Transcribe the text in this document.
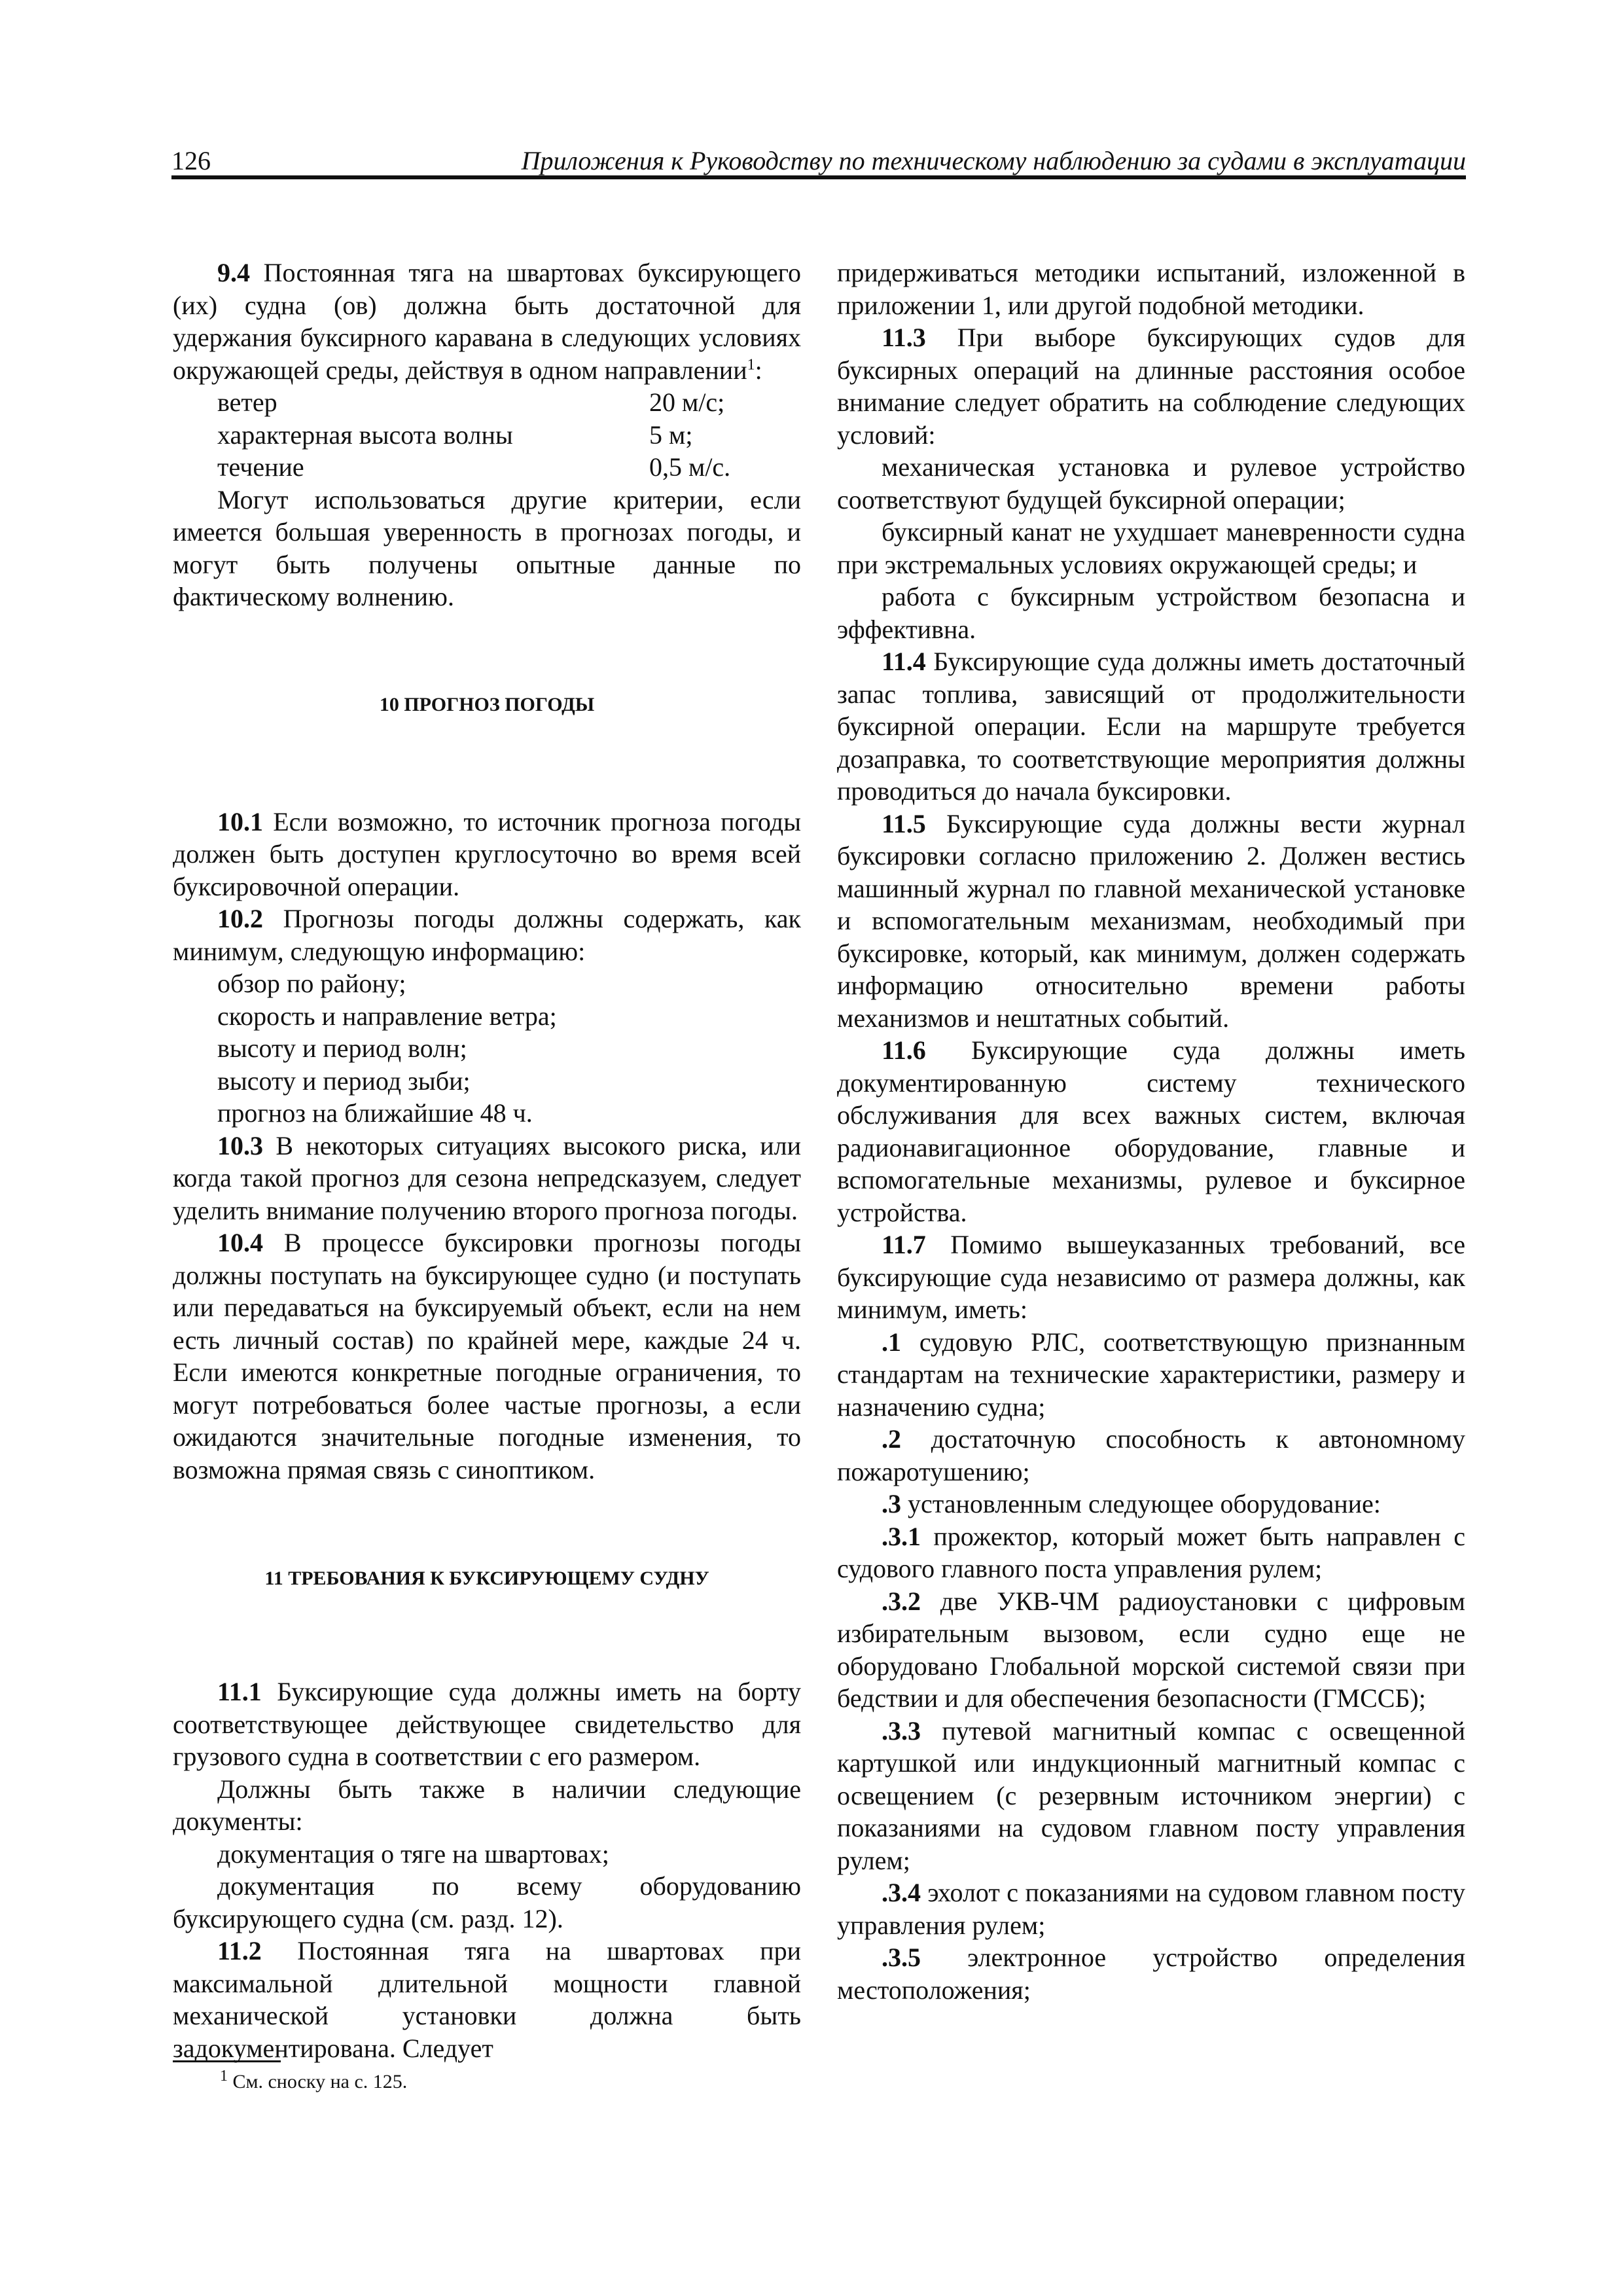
126	Приложения к Руководству по техническому наблюдению за судами в эксплуатации

9.4 Постоянная тяга на швартовах буксирующего (их) судна (ов) должна быть достаточной для удержания буксирного каравана в следующих условиях окружающей среды, действуя в одном направлении$^1$:

ветер	20 м/с;
характерная высота волны	5 м;
течение	0,5 м/с.

Могут использоваться другие критерии, если имеется большая уверенность в прогнозах погоды, и могут быть получены опытные данные по фактическому волнению.

10 ПРОГНОЗ ПОГОДЫ

10.1 Если возможно, то источник прогноза погоды должен быть доступен круглосуточно во время всей буксировочной операции.

10.2 Прогнозы погоды должны содержать, как минимум, следующую информацию:

обзор по району;

скорость и направление ветра;

высоту и период волн;

высоту и период зыби;

прогноз на ближайшие 48 ч.

10.3 В некоторых ситуациях высокого риска, или когда такой прогноз для сезона непредсказуем, следует уделить внимание получению второго прогноза погоды.

10.4 В процессе буксировки прогнозы погоды должны поступать на буксирующее судно (и поступать или передаваться на буксируемый объект, если на нем есть личный состав) по крайней мере, каждые 24 ч. Если имеются конкретные погодные ограничения, то могут потребоваться более частые прогнозы, а если ожидаются значительные погодные изменения, то возможна прямая связь с синоптиком.

11 ТРЕБОВАНИЯ К БУКСИРУЮЩЕМУ СУДНУ

11.1 Буксирующие суда должны иметь на борту соответствующее действующее свидетельство для грузового судна в соответствии с его размером.

Должны быть также в наличии следующие документы:

документация о тяге на швартовах;

документация по всему оборудованию буксирующего судна (см. разд. 12).

11.2 Постоянная тяга на швартовах при максимальной длительной мощности главной механической установки должна быть задокументирована. Следует

придерживаться методики испытаний, изложенной в приложении 1, или другой подобной методики.

11.3 При выборе буксирующих судов для буксирных операций на длинные расстояния особое внимание следует обратить на соблюдение следующих условий:

механическая установка и рулевое устройство соответствуют будущей буксирной операции;

буксирный канат не ухудшает маневренности судна при экстремальных условиях окружающей среды; и

работа с буксирным устройством безопасна и эффективна.

11.4 Буксирующие суда должны иметь достаточный запас топлива, зависящий от продолжительности буксирной операции. Если на маршруте требуется дозаправка, то соответствующие мероприятия должны проводиться до начала буксировки.

11.5 Буксирующие суда должны вести журнал буксировки согласно приложению 2. Должен вестись машинный журнал по главной механической установке и вспомогательным механизмам, необходимый при буксировке, который, как минимум, должен содержать информацию относительно времени работы механизмов и нештатных событий.

11.6 Буксирующие суда должны иметь документированную систему технического обслуживания для всех важных систем, включая радионавигационное оборудование, главные и вспомогательные механизмы, рулевое и буксирное устройства.

11.7 Помимо вышеуказанных требований, все буксирующие суда независимо от размера должны, как минимум, иметь:

.1 судовую РЛС, соответствующую признанным стандартам на технические характеристики, размеру и назначению судна;

.2 достаточную способность к автономному пожаротушению;

.3 установленным следующее оборудование:

.3.1 прожектор, который может быть направлен с судового главного поста управления рулем;

.3.2 две УКВ-ЧМ радиоустановки с цифровым избирательным вызовом, если судно еще не оборудовано Глобальной морской системой связи при бедствии и для обеспечения безопасности (ГМССБ);

.3.3 путевой магнитный компас с освещенной картушкой или индукционный магнитный компас с освещением (с резервным источником энергии) с показаниями на судовом главном посту управления рулем;

.3.4 эхолот с показаниями на судовом главном посту управления рулем;

.3.5 электронное устройство определения местоположения;

$^1$ См. сноску на с. 125.
